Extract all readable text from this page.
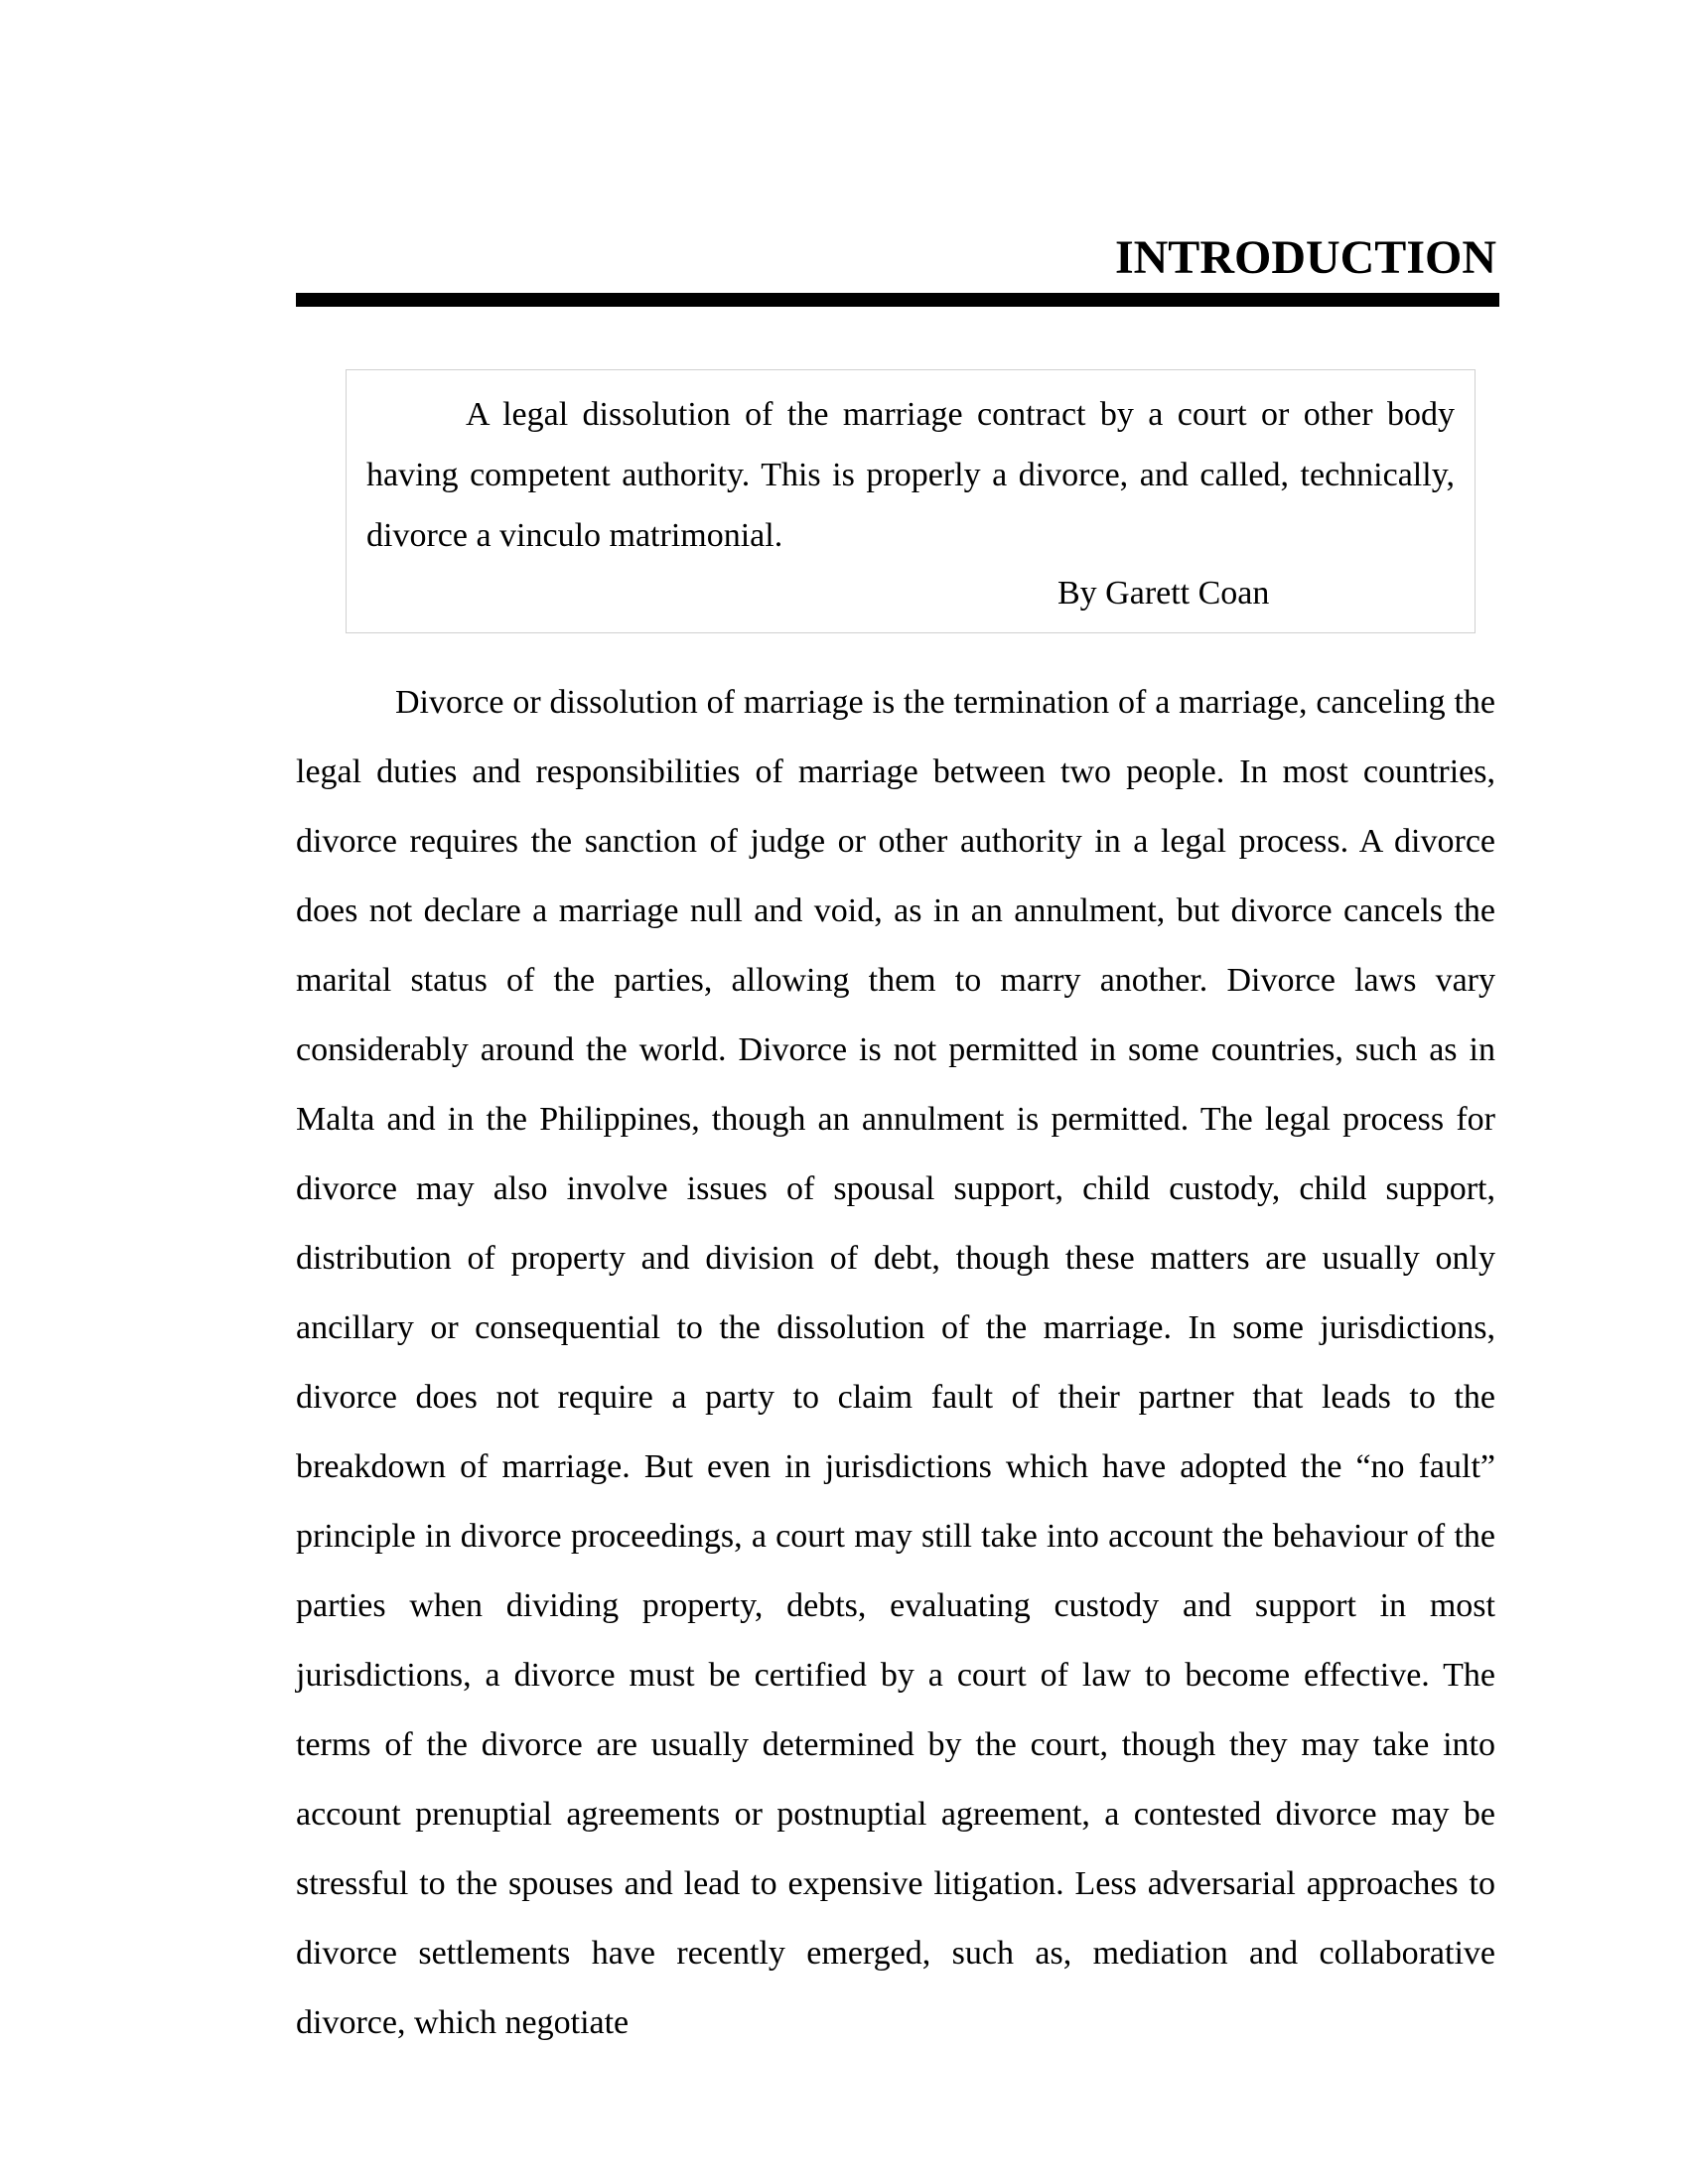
INTRODUCTION

A legal dissolution of the marriage contract by a court or other body having competent authority. This is properly a divorce, and called, technically, divorce a vinculo matrimonial.

By Garett Coan

Divorce or dissolution of marriage is the termination of a marriage, canceling the legal duties and responsibilities of marriage between two people. In most countries, divorce requires the sanction of judge or other authority in a legal process. A divorce does not declare a marriage null and void, as in an annulment, but divorce cancels the marital status of the parties, allowing them to marry another. Divorce laws vary considerably around the world. Divorce is not permitted in some countries, such as in Malta and in the Philippines, though an annulment is permitted. The legal process for divorce may also involve issues of spousal support, child custody, child support, distribution of property and division of debt, though these matters are usually only ancillary or consequential to the dissolution of the marriage. In some jurisdictions, divorce does not require a party to claim fault of their partner that leads to the breakdown of marriage. But even in jurisdictions which have adopted the “no fault” principle in divorce proceedings, a court may still take into account the behaviour of the parties when dividing property, debts, evaluating custody and support in most jurisdictions, a divorce must be certified by a court of law to become effective. The terms of the divorce are usually determined by the court, though they may take into account prenuptial agreements or postnuptial agreement, a contested divorce may be stressful to the spouses and lead to expensive litigation. Less adversarial approaches to divorce settlements have recently emerged, such as, mediation and collaborative divorce, which negotiate
